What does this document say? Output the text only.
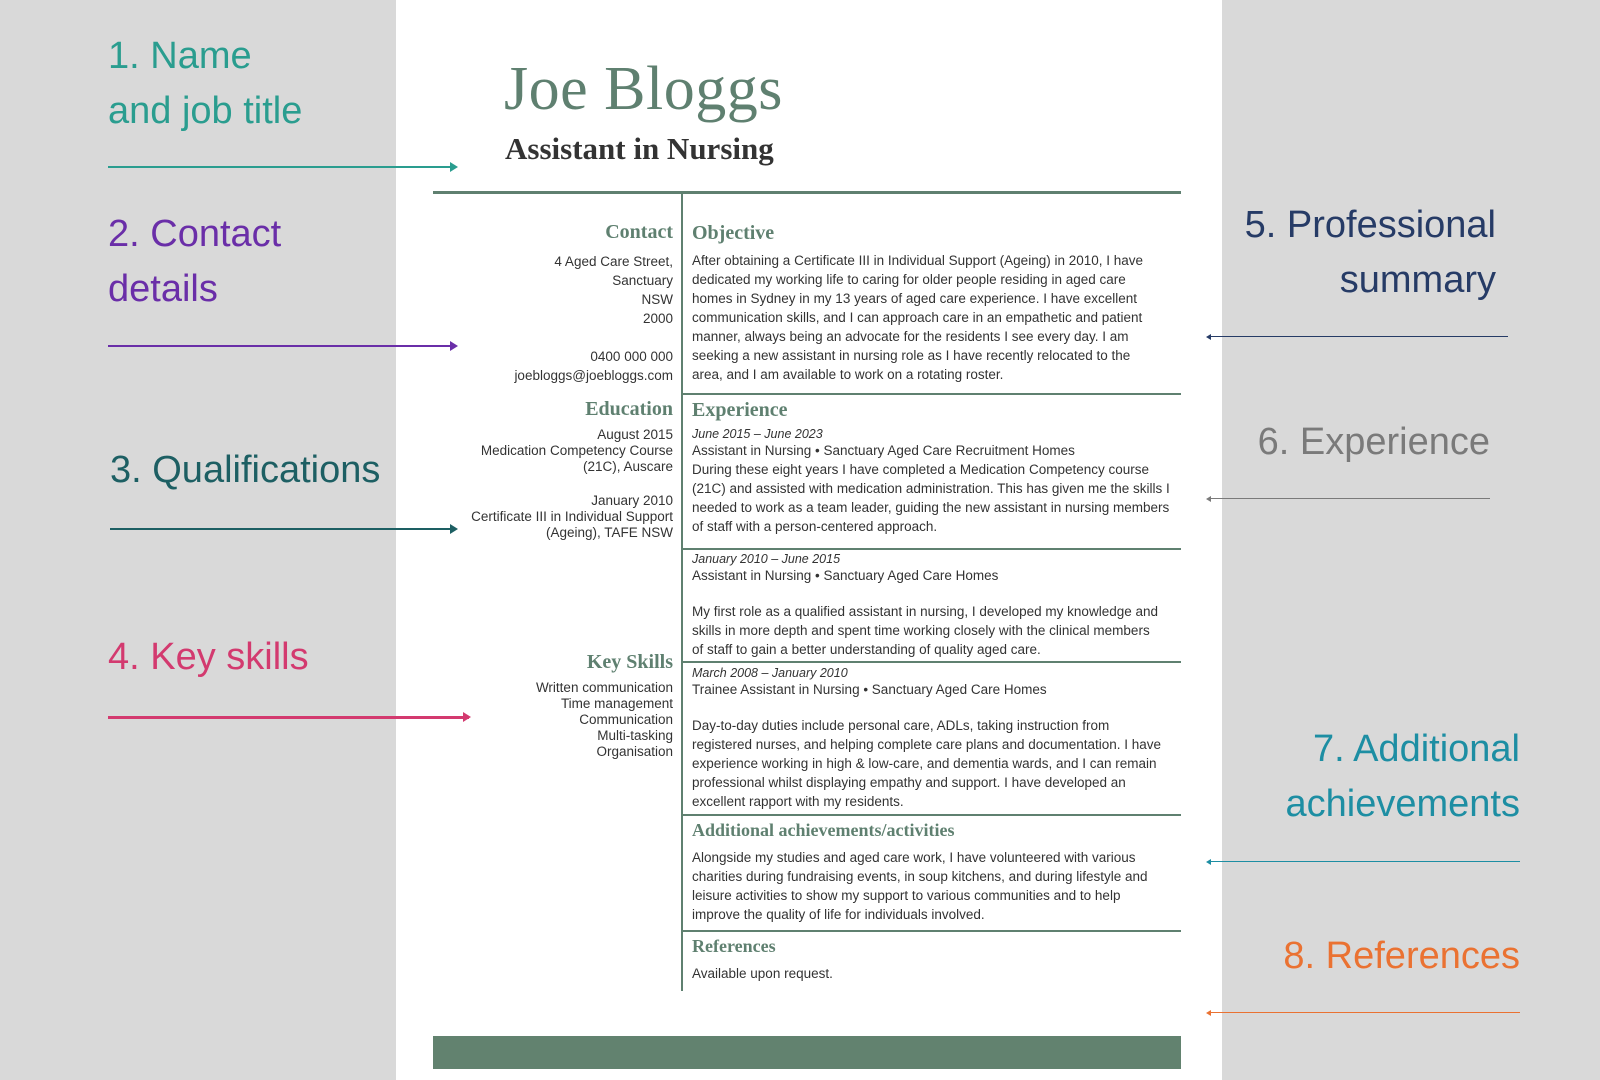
1. Name
and job title
2. Contact
details
3. Qualifications
4. Key skills
5. Professional
summary
6. Experience
7. Additional
achievements
8. References
Joe Bloggs
Assistant in Nursing
Contact
4 Aged Care Street,
Sanctuary
NSW
2000
0400 000 000
joebloggs@joebloggs.com
Education
August 2015
Medication Competency Course
(21C), Auscare
January 2010
Certificate III in Individual Support
(Ageing), TAFE NSW
Key Skills
Written communication
Time management
Communication
Multi-tasking
Organisation
Objective
After obtaining a Certificate III in Individual Support (Ageing) in 2010, I have dedicated my working life to caring for older people residing in aged care homes in Sydney in my 13 years of aged care experience. I have excellent communication skills, and I can approach care in an empathetic and patient manner, always being an advocate for the residents I see every day. I am seeking a new assistant in nursing role as I have recently relocated to the area, and I am available to work on a rotating roster.
Experience
June 2015 – June 2023
Assistant in Nursing • Sanctuary Aged Care Recruitment Homes
During these eight years I have completed a Medication Competency course (21C) and assisted with medication administration. This has given me the skills I needed to work as a team leader, guiding the new assistant in nursing members of staff with a person-centered approach.
January 2010 – June 2015
Assistant in Nursing • Sanctuary Aged Care Homes
My first role as a qualified assistant in nursing, I developed my knowledge and skills in more depth and spent time working closely with the clinical members of staff to gain a better understanding of quality aged care.
March 2008 – January 2010
Trainee Assistant in Nursing • Sanctuary Aged Care Homes
Day-to-day duties include personal care, ADLs, taking instruction from registered nurses, and helping complete care plans and documentation. I have experience working in high & low-care, and dementia wards, and I can remain professional whilst displaying empathy and support. I have developed an excellent rapport with my residents.
Additional achievements/activities
Alongside my studies and aged care work, I have volunteered with various charities during fundraising events, in soup kitchens, and during lifestyle and leisure activities to show my support to various communities and to help improve the quality of life for individuals involved.
References
Available upon request.
